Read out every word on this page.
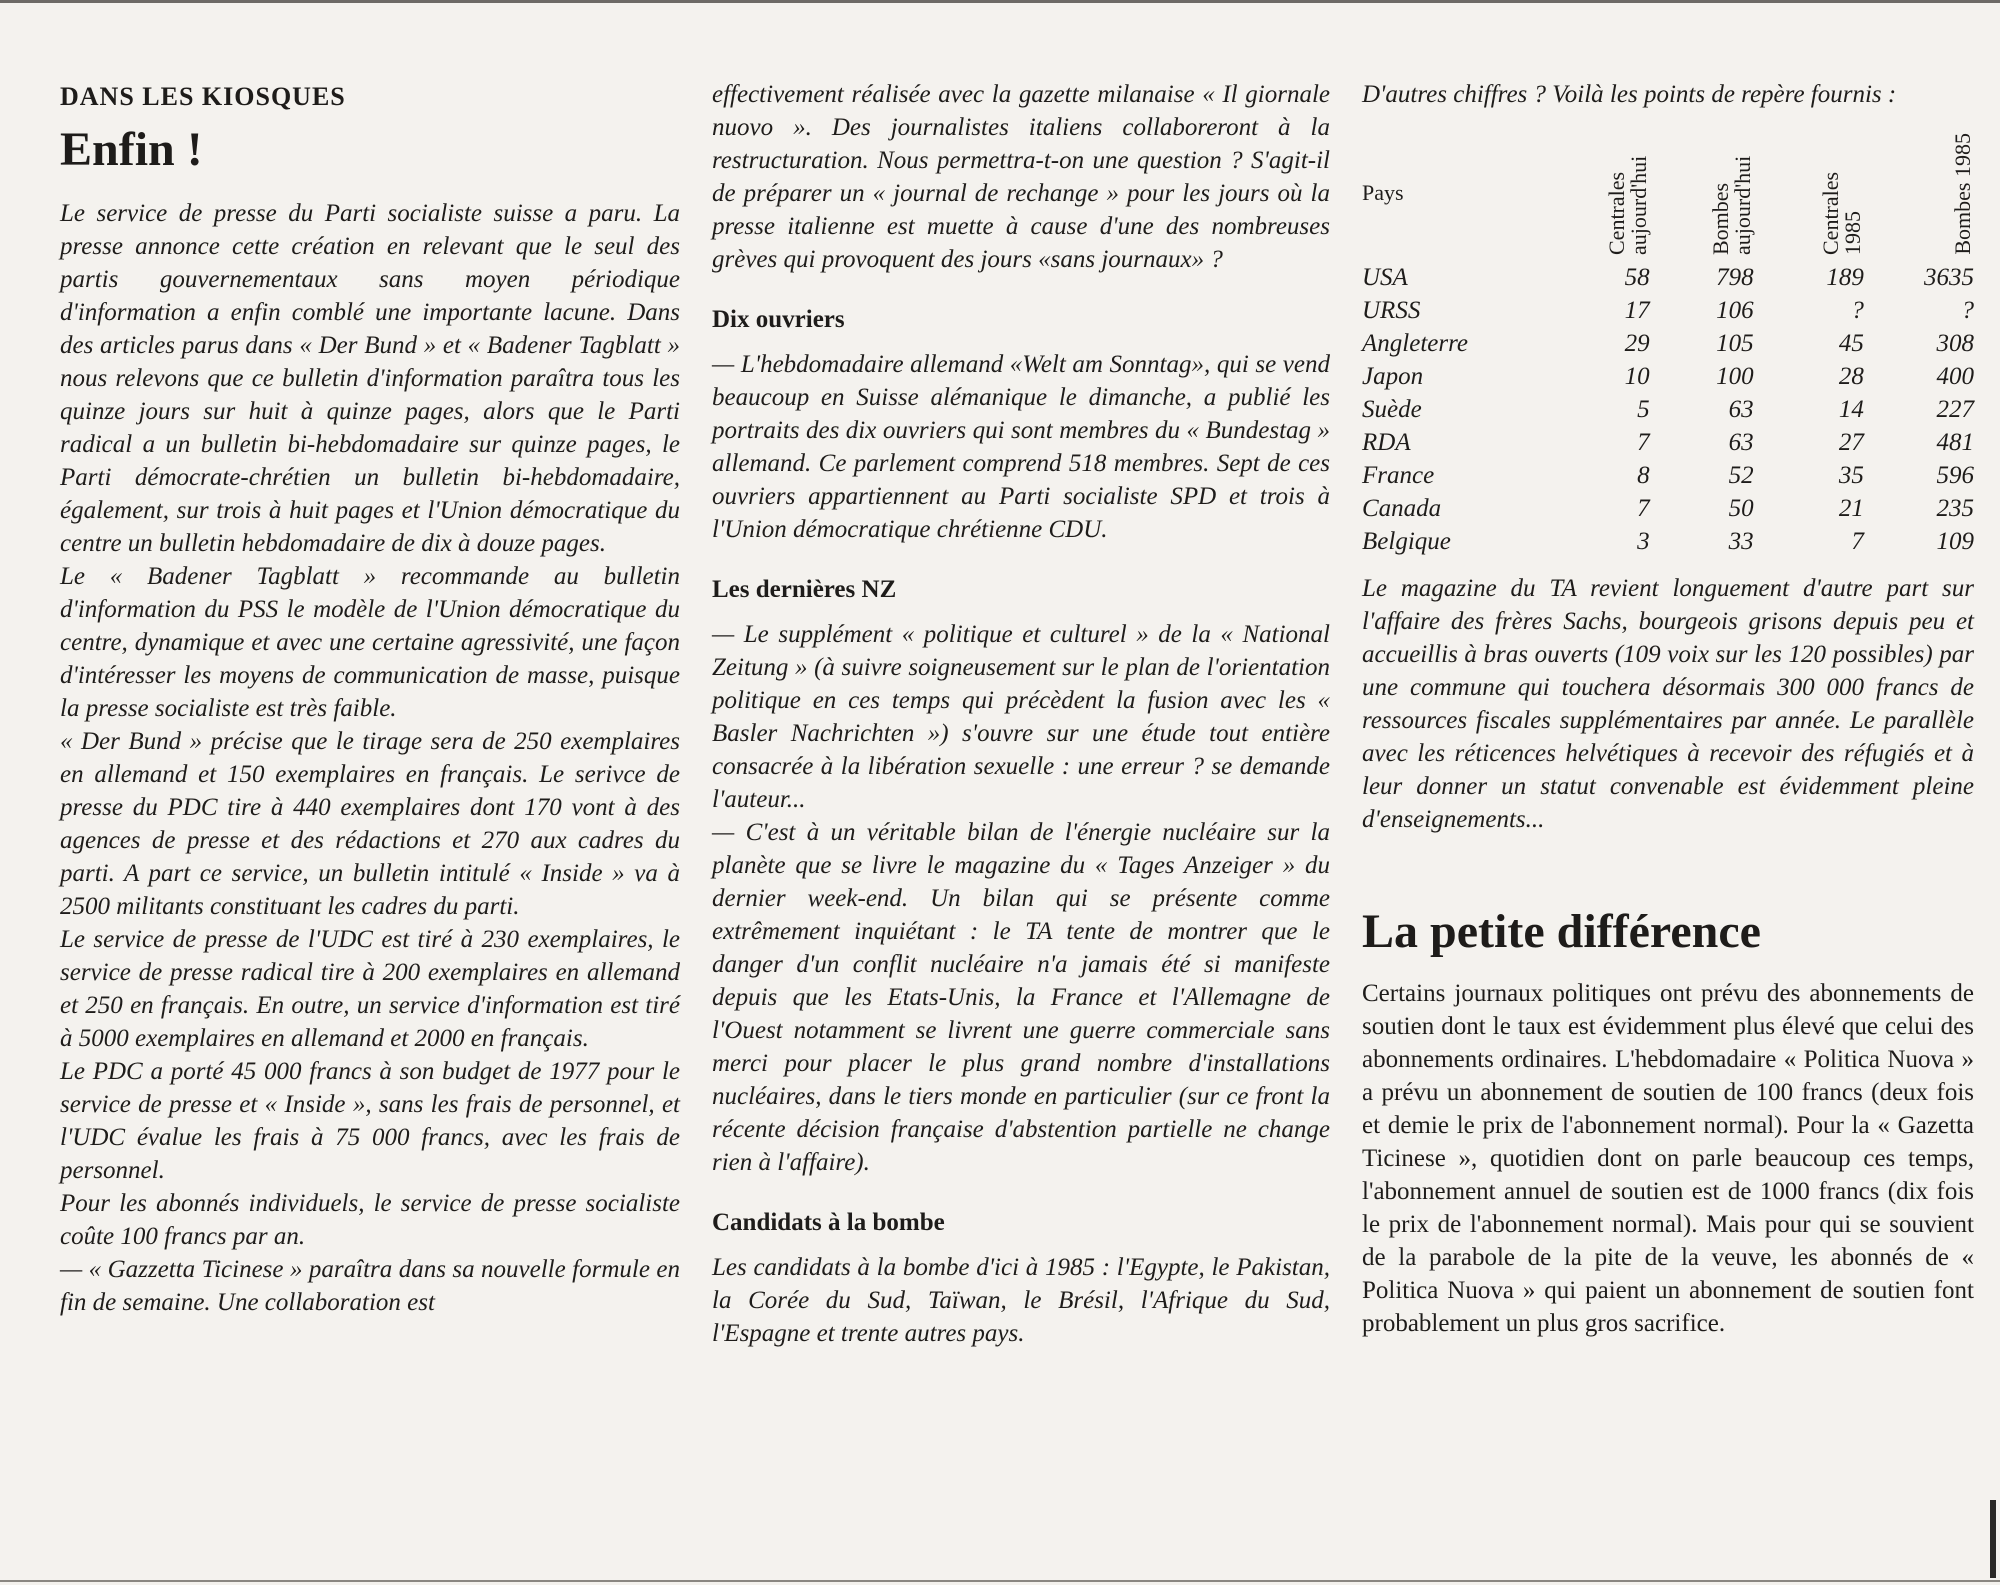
DANS LES KIOSQUES
Enfin !

Le service de presse du Parti socialiste suisse a paru. La presse annonce cette création en relevant que le seul des partis gouvernementaux sans moyen périodique d'information a enfin comblé une importante lacune. Dans des articles parus dans « Der Bund » et « Badener Tagblatt » nous relevons que ce bulletin d'information paraîtra tous les quinze jours sur huit à quinze pages, alors que le Parti radical a un bulletin bi-hebdomadaire sur quinze pages, le Parti démocrate-chrétien un bulletin bi-hebdomadaire, également, sur trois à huit pages et l'Union démocratique du centre un bulletin hebdomadaire de dix à douze pages.

Le « Badener Tagblatt » recommande au bulletin d'information du PSS le modèle de l'Union démocratique du centre, dynamique et avec une certaine agressivité, une façon d'intéresser les moyens de communication de masse, puisque la presse socialiste est très faible.

« Der Bund » précise que le tirage sera de 250 exemplaires en allemand et 150 exemplaires en français. Le serivce de presse du PDC tire à 440 exemplaires dont 170 vont à des agences de presse et des rédactions et 270 aux cadres du parti. A part ce service, un bulletin intitulé « Inside » va à 2500 militants constituant les cadres du parti.

Le service de presse de l'UDC est tiré à 230 exemplaires, le service de presse radical tire à 200 exemplaires en allemand et 250 en français. En outre, un service d'information est tiré à 5000 exemplaires en allemand et 2000 en français.

Le PDC a porté 45 000 francs à son budget de 1977 pour le service de presse et « Inside », sans les frais de personnel, et l'UDC évalue les frais à 75 000 francs, avec les frais de personnel.

Pour les abonnés individuels, le service de presse socialiste coûte 100 francs par an.

— « Gazzetta Ticinese » paraîtra dans sa nouvelle formule en fin de semaine. Une collaboration est

effectivement réalisée avec la gazette milanaise « Il giornale nuovo ». Des journalistes italiens collaboreront à la restructuration. Nous permettra-t-on une question ? S'agit-il de préparer un « journal de rechange » pour les jours où la presse italienne est muette à cause d'une des nombreuses grèves qui provoquent des jours «sans journaux» ?

Dix ouvriers

— L'hebdomadaire allemand «Welt am Sonntag», qui se vend beaucoup en Suisse alémanique le dimanche, a publié les portraits des dix ouvriers qui sont membres du « Bundestag » allemand. Ce parlement comprend 518 membres. Sept de ces ouvriers appartiennent au Parti socialiste SPD et trois à l'Union démocratique chrétienne CDU.

Les dernières NZ

— Le supplément « politique et culturel » de la « National Zeitung » (à suivre soigneusement sur le plan de l'orientation politique en ces temps qui précèdent la fusion avec les « Basler Nachrichten ») s'ouvre sur une étude tout entière consacrée à la libération sexuelle : une erreur ? se demande l'auteur...

— C'est à un véritable bilan de l'énergie nucléaire sur la planète que se livre le magazine du « Tages Anzeiger » du dernier week-end. Un bilan qui se présente comme extrêmement inquiétant : le TA tente de montrer que le danger d'un conflit nucléaire n'a jamais été si manifeste depuis que les Etats-Unis, la France et l'Allemagne de l'Ouest notamment se livrent une guerre commerciale sans merci pour placer le plus grand nombre d'installations nucléaires, dans le tiers monde en particulier (sur ce front la récente décision française d'abstention partielle ne change rien à l'affaire).

Candidats à la bombe

Les candidats à la bombe d'ici à 1985 : l'Egypte, le Pakistan, la Corée du Sud, Taïwan, le Brésil, l'Afrique du Sud, l'Espagne et trente autres pays.

D'autres chiffres ? Voilà les points de repère fournis :

Pays	Centrales aujourd'hui	Bombes aujourd'hui	Centrales 1985	Bombes 1985
USA	58	798	189	3635
URSS	17	106	?	?
Angleterre	29	105	45	308
Japon	10	100	28	400
Suède	5	63	14	227
RDA	7	63	27	481
France	8	52	35	596
Canada	7	50	21	235
Belgique	3	33	7	109

Le magazine du TA revient longuement d'autre part sur l'affaire des frères Sachs, bourgeois grisons depuis peu et accueillis à bras ouverts (109 voix sur les 120 possibles) par une commune qui touchera désormais 300 000 francs de ressources fiscales supplémentaires par année. Le parallèle avec les réticences helvétiques à recevoir des réfugiés et à leur donner un statut convenable est évidemment pleine d'enseignements...

La petite différence

Certains journaux politiques ont prévu des abonnements de soutien dont le taux est évidemment plus élevé que celui des abonnements ordinaires. L'hebdomadaire « Politica Nuova » a prévu un abonnement de soutien de 100 francs (deux fois et demie le prix de l'abonnement normal). Pour la « Gazetta Ticinese », quotidien dont on parle beaucoup ces temps, l'abonnement annuel de soutien est de 1000 francs (dix fois le prix de l'abonnement normal). Mais pour qui se souvient de la parabole de la pite de la veuve, les abonnés de « Politica Nuova » qui paient un abonnement de soutien font probablement un plus gros sacrifice.
